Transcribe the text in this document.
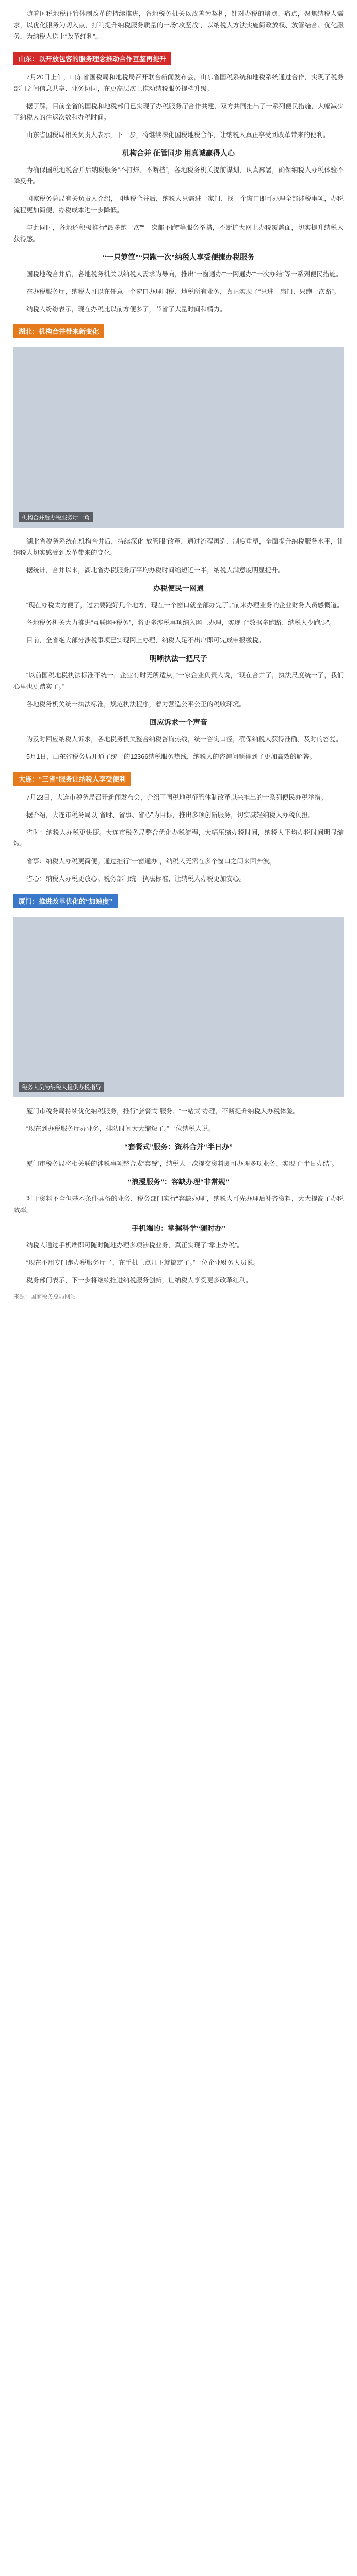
随着国税地税征管体制改革的持续推进，各地税务机关以改善为契机，针对办税的堵点、痛点，聚焦纳税人需求，以优化服务为切入点，打响提升纳税服务质量的一场“攻坚战”，以纳税人方法实施简政放权、放管结合、优化服务，为纳税人送上“改革红利”。

山东：以开放包容的服务理念推动合作互鉴再提升

7月20日上午，山东省国税局和地税局召开联合新闻发布会，山东省国税系统和地税系统通过合作，实现了税务部门之间信息共享、业务协同，在更高层次上推动纳税服务提档升级。

据了解，目前全省的国税和地税部门已实现了办税服务厅合作共建，双方共同推出了一系列便民措施，大幅减少了纳税人的往返次数和办税时间。

山东省国税局相关负责人表示，下一步，将继续深化国税地税合作，让纳税人真正享受到改革带来的便利。

机构合并 征管同步 用真诚赢得人心

为确保国税地税合并后纳税服务“不打烊、不断档”，各地税务机关提前谋划，认真部署，确保纳税人办税体验不降反升。

国家税务总局有关负责人介绍，国地税合并后，纳税人只需进一家门、找一个窗口即可办理全部涉税事项，办税流程更加简便，办税成本进一步降低。

与此同时，各地还积极推行“最多跑一次”“一次都不跑”等服务举措，不断扩大网上办税覆盖面，切实提升纳税人获得感。

“一只箩筐”“只跑一次”纳税人享受便捷办税服务

国税地税合并后，各地税务机关以纳税人需求为导向，推出“一窗通办”“一网通办”“一次办结”等一系列便民措施。

在办税服务厅，纳税人可以在任意一个窗口办理国税、地税所有业务，真正实现了“只进一扇门、只跑一次路”。

纳税人纷纷表示，现在办税比以前方便多了，节省了大量时间和精力。

湖北：机构合并带来新变化
机构合并后办税服务厅一角

湖北省税务系统在机构合并后，持续深化“放管服”改革，通过流程再造、制度重塑，全面提升纳税服务水平，让纳税人切实感受到改革带来的变化。

据统计，合并以来，湖北省办税服务厅平均办税时间缩短近一半，纳税人满意度明显提升。

办税便民一网通

“现在办税太方便了，过去要跑好几个地方，现在一个窗口就全部办完了。”前来办理业务的企业财务人员感慨道。

各地税务机关大力推进“互联网+税务”，将更多涉税事项纳入网上办理，实现了“数据多跑路、纳税人少跑腿”。

目前，全省绝大部分涉税事项已实现网上办理，纳税人足不出户即可完成申报缴税。

明晰执法一把尺子

“以前国税地税执法标准不统一，企业有时无所适从。”一家企业负责人说，“现在合并了，执法尺度统一了，我们心里也更踏实了。”

各地税务机关统一执法标准，规范执法程序，着力营造公平公正的税收环境。

回应诉求一个声音

为及时回应纳税人诉求，各地税务机关整合纳税咨询热线，统一咨询口径，确保纳税人获得准确、及时的答复。

5月1日，山东省税务局开通了统一的12366纳税服务热线，纳税人的咨询问题得到了更加高效的解答。

大连：“三省”服务让纳税人享受便利

7月23日，大连市税务局召开新闻发布会，介绍了国税地税征管体制改革以来推出的一系列便民办税举措。

据介绍，大连市税务局以“省时、省事、省心”为目标，推出多项创新服务，切实减轻纳税人办税负担。

省时：纳税人办税更快捷。大连市税务局整合优化办税流程，大幅压缩办税时间，纳税人平均办税时间明显缩短。

省事：纳税人办税更简便。通过推行“一窗通办”，纳税人无需在多个窗口之间来回奔波。

省心：纳税人办税更放心。税务部门统一执法标准，让纳税人办税更加安心。

厦门：推进改革优化的“加速度”
税务人员为纳税人提供办税指导

厦门市税务局持续优化纳税服务，推行“套餐式”服务、“一站式”办理，不断提升纳税人办税体验。

“现在到办税服务厅办业务，排队时间大大缩短了。”一位纳税人说。

“套餐式”服务：资料合并“半日办”

厦门市税务局将相关联的涉税事项整合成“套餐”，纳税人一次提交资料即可办理多项业务，实现了“半日办结”。

“浪漫服务”：容缺办理“非常规”

对于资料不全但基本条件具备的业务，税务部门实行“容缺办理”，纳税人可先办理后补齐资料，大大提高了办税效率。

手机端的：掌握科学“随时办”

纳税人通过手机端即可随时随地办理多项涉税业务，真正实现了“掌上办税”。

“现在不用专门跑办税服务厅了，在手机上点几下就搞定了。”一位企业财务人员说。

税务部门表示，下一步将继续推进纳税服务创新，让纳税人享受更多改革红利。

来源：国家税务总局网站
